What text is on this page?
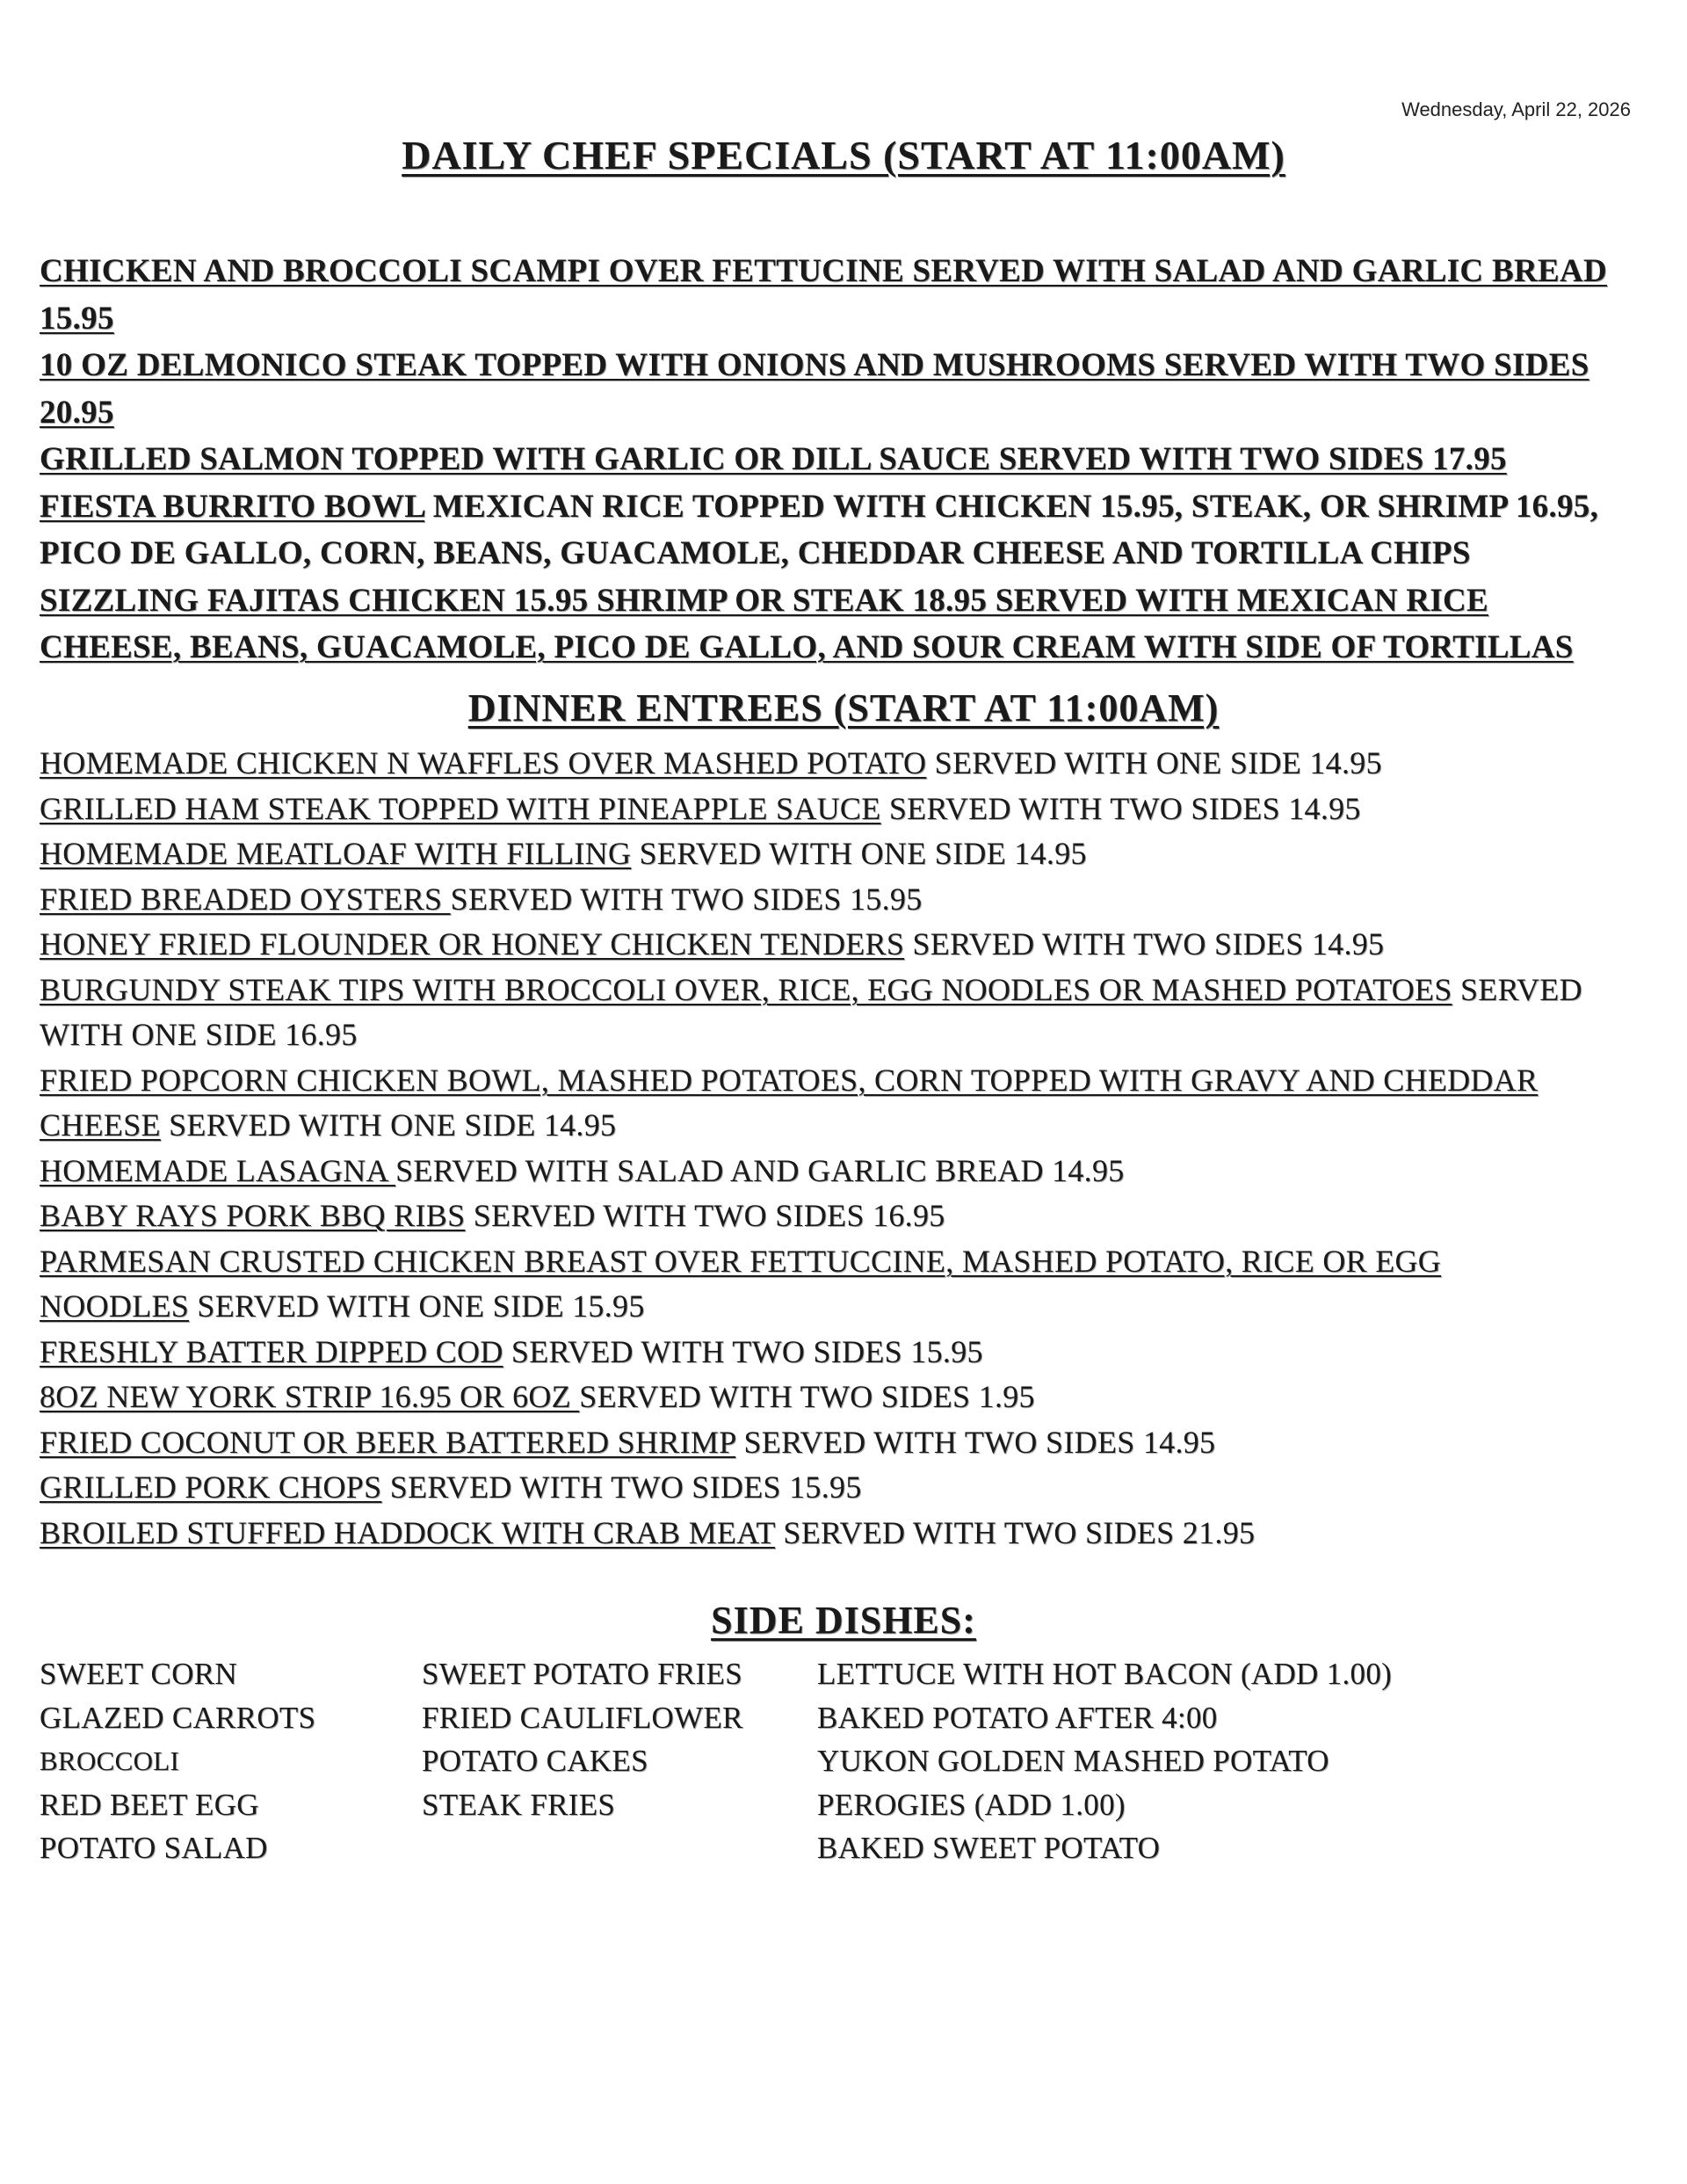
Wednesday, April 22, 2026
DAILY CHEF SPECIALS (START AT 11:00AM)
CHICKEN AND BROCCOLI SCAMPI OVER FETTUCINE SERVED WITH SALAD AND GARLIC BREAD
15.95
10 OZ DELMONICO STEAK TOPPED WITH ONIONS AND MUSHROOMS SERVED WITH TWO SIDES 20.95
GRILLED SALMON TOPPED WITH GARLIC OR DILL SAUCE SERVED WITH TWO SIDES 17.95
FIESTA BURRITO BOWL MEXICAN RICE TOPPED WITH CHICKEN 15.95, STEAK, OR SHRIMP 16.95,
PICO DE GALLO, CORN, BEANS, GUACAMOLE, CHEDDAR CHEESE AND TORTILLA CHIPS
SIZZLING FAJITAS CHICKEN 15.95 SHRIMP OR STEAK 18.95 SERVED WITH MEXICAN RICE
CHEESE, BEANS, GUACAMOLE, PICO DE GALLO, AND SOUR CREAM WITH SIDE OF TORTILLAS
DINNER ENTREES (START AT 11:00AM)
HOMEMADE CHICKEN N WAFFLES OVER MASHED POTATO SERVED WITH ONE SIDE 14.95
GRILLED HAM STEAK TOPPED WITH PINEAPPLE SAUCE SERVED WITH TWO SIDES 14.95
HOMEMADE MEATLOAF WITH FILLING SERVED WITH ONE SIDE 14.95
FRIED BREADED OYSTERS SERVED WITH TWO SIDES 15.95
HONEY FRIED FLOUNDER OR HONEY CHICKEN TENDERS SERVED WITH TWO SIDES 14.95
BURGUNDY STEAK TIPS WITH BROCCOLI OVER, RICE, EGG NOODLES OR MASHED POTATOES SERVED
WITH ONE SIDE 16.95
FRIED POPCORN CHICKEN BOWL, MASHED POTATOES, CORN TOPPED WITH GRAVY AND CHEDDAR
CHEESE SERVED WITH ONE SIDE 14.95
HOMEMADE LASAGNA SERVED WITH SALAD AND GARLIC BREAD 14.95
BABY RAYS PORK BBQ RIBS SERVED WITH TWO SIDES 16.95
PARMESAN CRUSTED CHICKEN BREAST OVER FETTUCCINE, MASHED POTATO, RICE OR EGG
NOODLES SERVED WITH ONE SIDE 15.95
FRESHLY BATTER DIPPED COD SERVED WITH TWO SIDES 15.95
8OZ NEW YORK STRIP 16.95 OR 6OZ SERVED WITH TWO SIDES 1.95
FRIED COCONUT OR BEER BATTERED SHRIMP SERVED WITH TWO SIDES 14.95
GRILLED PORK CHOPS SERVED WITH TWO SIDES 15.95
BROILED STUFFED HADDOCK WITH CRAB MEAT SERVED WITH TWO SIDES 21.95
SIDE DISHES:
SWEET CORN
GLAZED CARROTS
BROCCOLI
RED BEET EGG
POTATO SALAD
SWEET POTATO FRIES
FRIED CAULIFLOWER
POTATO CAKES
STEAK FRIES
LETTUCE WITH HOT BACON (ADD 1.00)
BAKED POTATO AFTER 4:00
YUKON GOLDEN MASHED POTATO
PEROGIES (ADD 1.00)
BAKED SWEET POTATO
